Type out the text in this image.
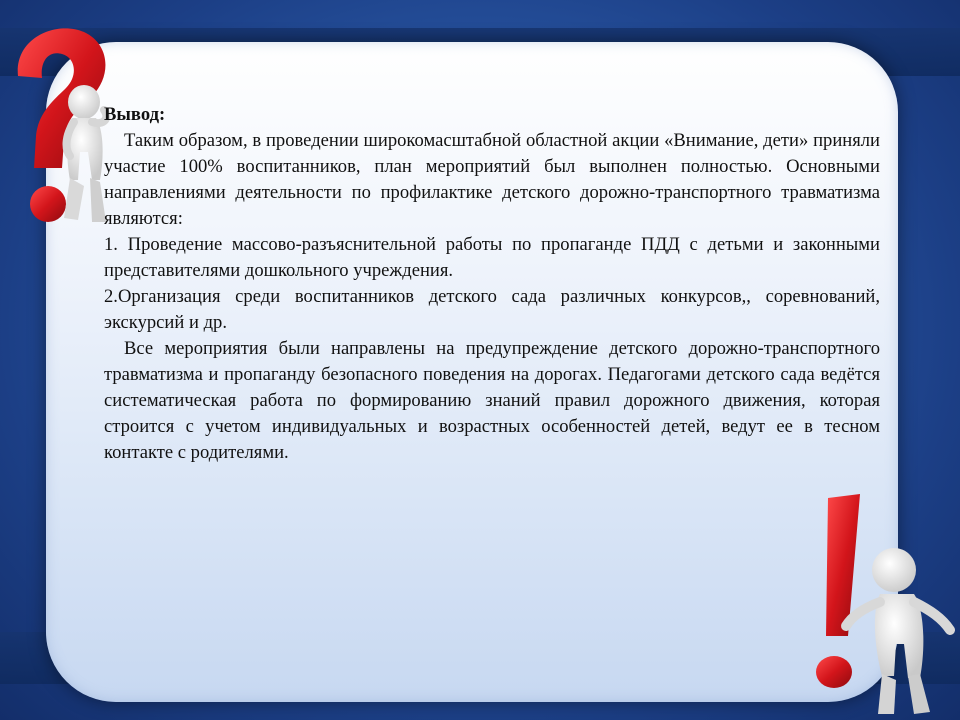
Вывод:

Таким образом, в проведении широкомасштабной областной акции «Внимание, дети» приняли участие 100% воспитанников, план мероприятий был выполнен полностью. Основными направлениями деятельности по профилактике детского дорожно-транспортного травматизма являются:

1. Проведение массово-разъяснительной работы по пропаганде ПДД с детьми и законными представителями дошкольного учреждения.

2.Организация среди воспитанников детского сада различных конкурсов,, соревнований, экскурсий и др.

Все мероприятия были направлены на предупреждение детского дорожно-транспортного травматизма и пропаганду безопасного поведения на дорогах. Педагогами детского сада ведётся систематическая работа по формированию знаний правил дорожного движения, которая строится с учетом индивидуальных и возрастных особенностей детей, ведут ее в тесном контакте с родителями.
